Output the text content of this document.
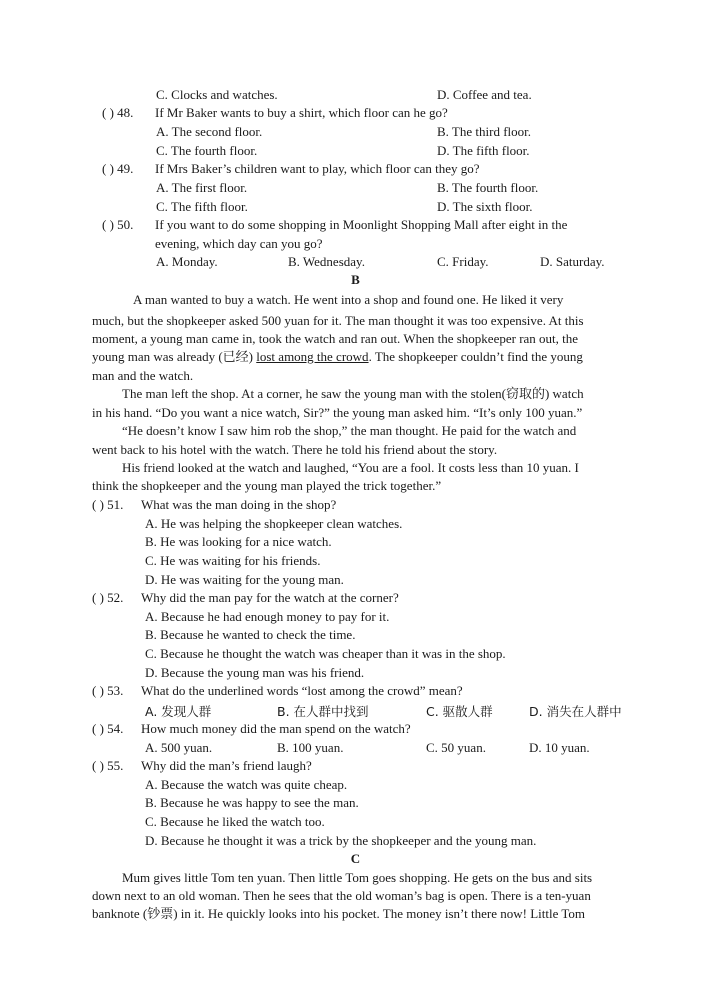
C. Clocks and watches.	D. Coffee and tea.
( ) 48. If Mr Baker wants to buy a shirt, which floor can he go?
A. The second floor.	B. The third floor.
C. The fourth floor.	D. The fifth floor.
( ) 49. If Mrs Baker’s children want to play, which floor can they go?
A. The first floor.	B. The fourth floor.
C. The fifth floor.	D. The sixth floor.
( ) 50. If you want to do some shopping in Moonlight Shopping Mall after eight in the
evening, which day can you go?
A. Monday.	B. Wednesday.	C. Friday.	D. Saturday.
B
A man wanted to buy a watch. He went into a shop and found one. He liked it very
much, but the shopkeeper asked 500 yuan for it. The man thought it was too expensive. At this
moment, a young man came in, took the watch and ran out. When the shopkeeper ran out, the
young man was already (已经) lost among the crowd. The shopkeeper couldn’t find the young
man and the watch.
The man left the shop. At a corner, he saw the young man with the stolen(窃取的) watch
in his hand. “Do you want a nice watch, Sir?” the young man asked him. “It’s only 100 yuan.”
“He doesn’t know I saw him rob the shop,” the man thought. He paid for the watch and
went back to his hotel with the watch. There he told his friend about the story.
His friend looked at the watch and laughed, “You are a fool. It costs less than 10 yuan. I
think the shopkeeper and the young man played the trick together.”
( ) 51. What was the man doing in the shop?
A. He was helping the shopkeeper clean watches.
B. He was looking for a nice watch.
C. He was waiting for his friends.
D. He was waiting for the young man.
( ) 52. Why did the man pay for the watch at the corner?
A. Because he had enough money to pay for it.
B. Because he wanted to check the time.
C. Because he thought the watch was cheaper than it was in the shop.
D. Because the young man was his friend.
( ) 53. What do the underlined words “lost among the crowd” mean?
A. 发现人群	B. 在人群中找到	C. 驱散人群	D. 消失在人群中
( ) 54. How much money did the man spend on the watch?
A. 500 yuan.	B. 100 yuan.	C. 50 yuan.	D. 10 yuan.
( ) 55. Why did the man’s friend laugh?
A. Because the watch was quite cheap.
B. Because he was happy to see the man.
C. Because he liked the watch too.
D. Because he thought it was a trick by the shopkeeper and the young man.
C
Mum gives little Tom ten yuan. Then little Tom goes shopping. He gets on the bus and sits
down next to an old woman. Then he sees that the old woman’s bag is open. There is a ten-yuan
banknote (钞票) in it. He quickly looks into his pocket. The money isn’t there now! Little Tom
